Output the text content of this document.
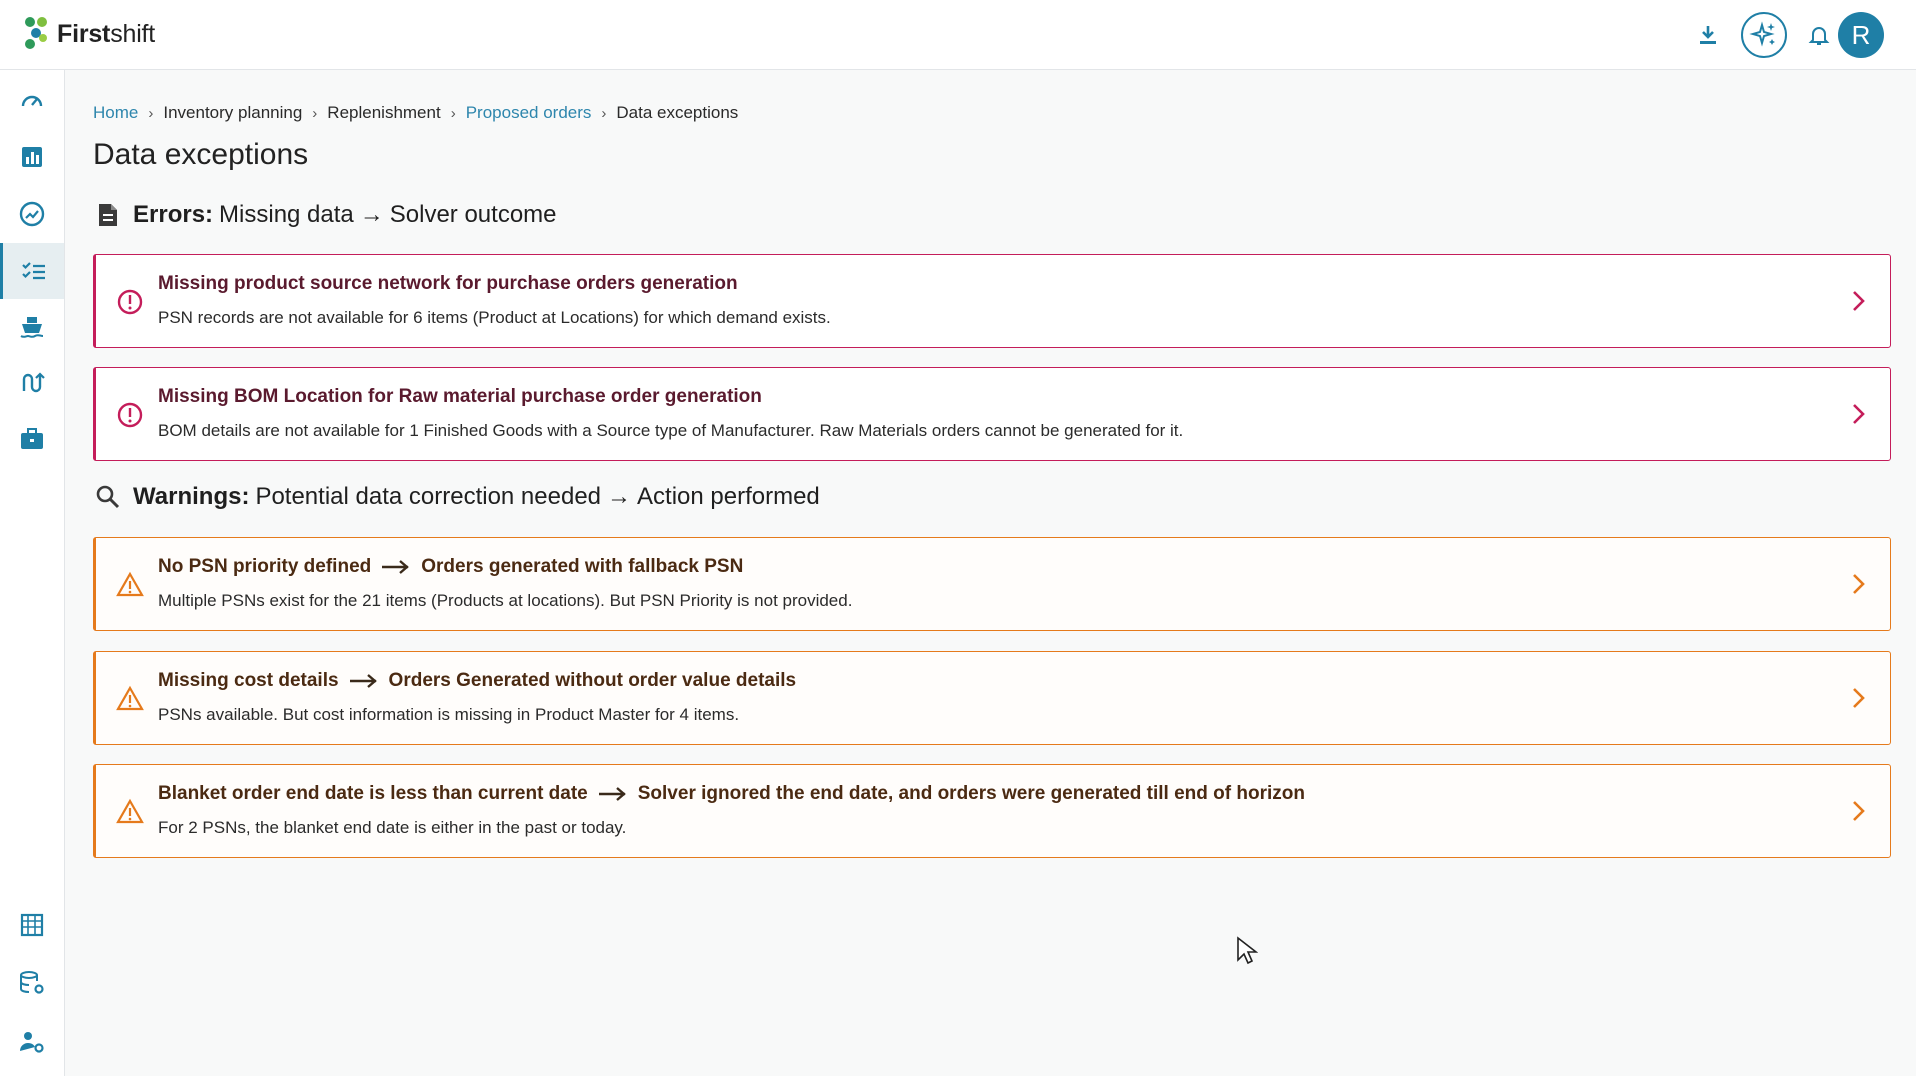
Firstshift	R
Home › Inventory planning › Replenishment › Proposed orders › Data exceptions
Data exceptions
Errors: Missing data → Solver outcome
Missing product source network for purchase orders generation
PSN records are not available for 6 items (Product at Locations) for which demand exists.
Missing BOM Location for Raw material purchase order generation
BOM details are not available for 1 Finished Goods with a Source type of Manufacturer. Raw Materials orders cannot be generated for it.
Warnings: Potential data correction needed → Action performed
No PSN priority defined	Orders generated with fallback PSN
Multiple PSNs exist for the 21 items (Products at locations). But PSN Priority is not provided.
Missing cost details	Orders Generated without order value details
PSNs available. But cost information is missing in Product Master for 4 items.
Blanket order end date is less than current date	Solver ignored the end date, and orders were generated till end of horizon
For 2 PSNs, the blanket end date is either in the past or today.
